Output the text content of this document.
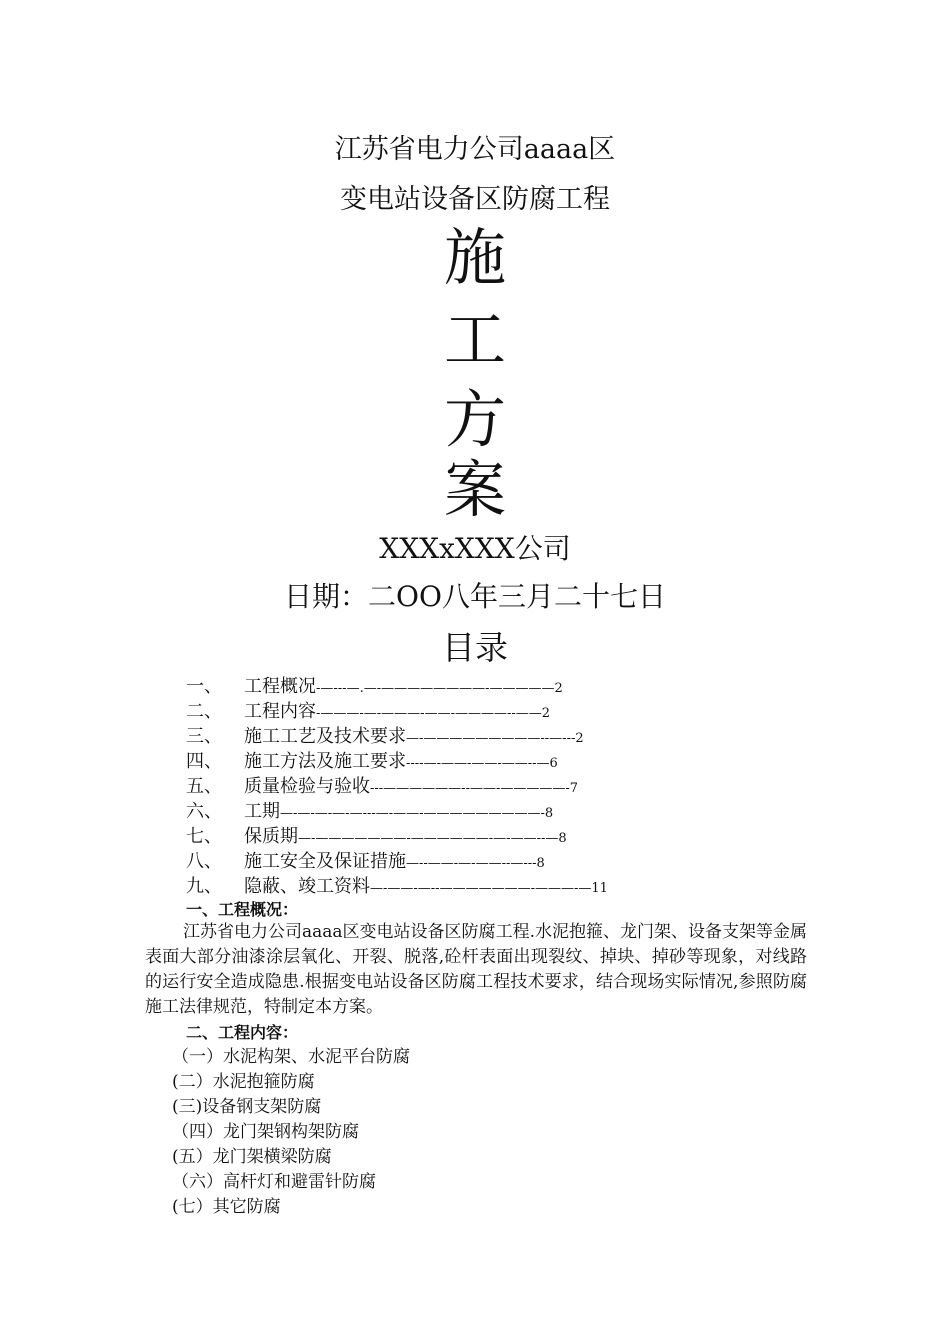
江苏省电力公司aaaa区
变电站设备区防腐工程
施
工
方
案
XXXxXXX公司
日期：二OO八年三月二十七日
目录
一、 工程概况-—---—.—-————————-—————2
二、 工程内容-———-—-———-——-————--——2
三、 施工工艺及技术要求—-—————————--—---2
四、 施工方法及施工要求----—-——-——-——--—6
五、 质量检验与验收---——————--——-—————-7
六、 工期—-—-—-—-—---—-——-—————————-8
七、 保质期—-———————-——————-—-——--—8
八、 施工安全及保证措施—--——-—-——--—---8
九、 隐蔽、竣工资料—-——-—--———————-———-—11
一、工程概况：
江苏省电力公司aaaa区变电站设备区防腐工程.水泥抱箍、龙门架、设备支架等金属表面大部分油漆涂层氧化、开裂、脱落,砼杆表面出现裂纹、掉块、掉砂等现象，对线路的运行安全造成隐患.根据变电站设备区防腐工程技术要求，结合现场实际情况,参照防腐施工法律规范，特制定本方案。
二、工程内容：
（一）水泥构架、水泥平台防腐
(二）水泥抱箍防腐
(三)设备钢支架防腐
（四）龙门架钢构架防腐
(五）龙门架横梁防腐
（六）高杆灯和避雷针防腐
(七）其它防腐
